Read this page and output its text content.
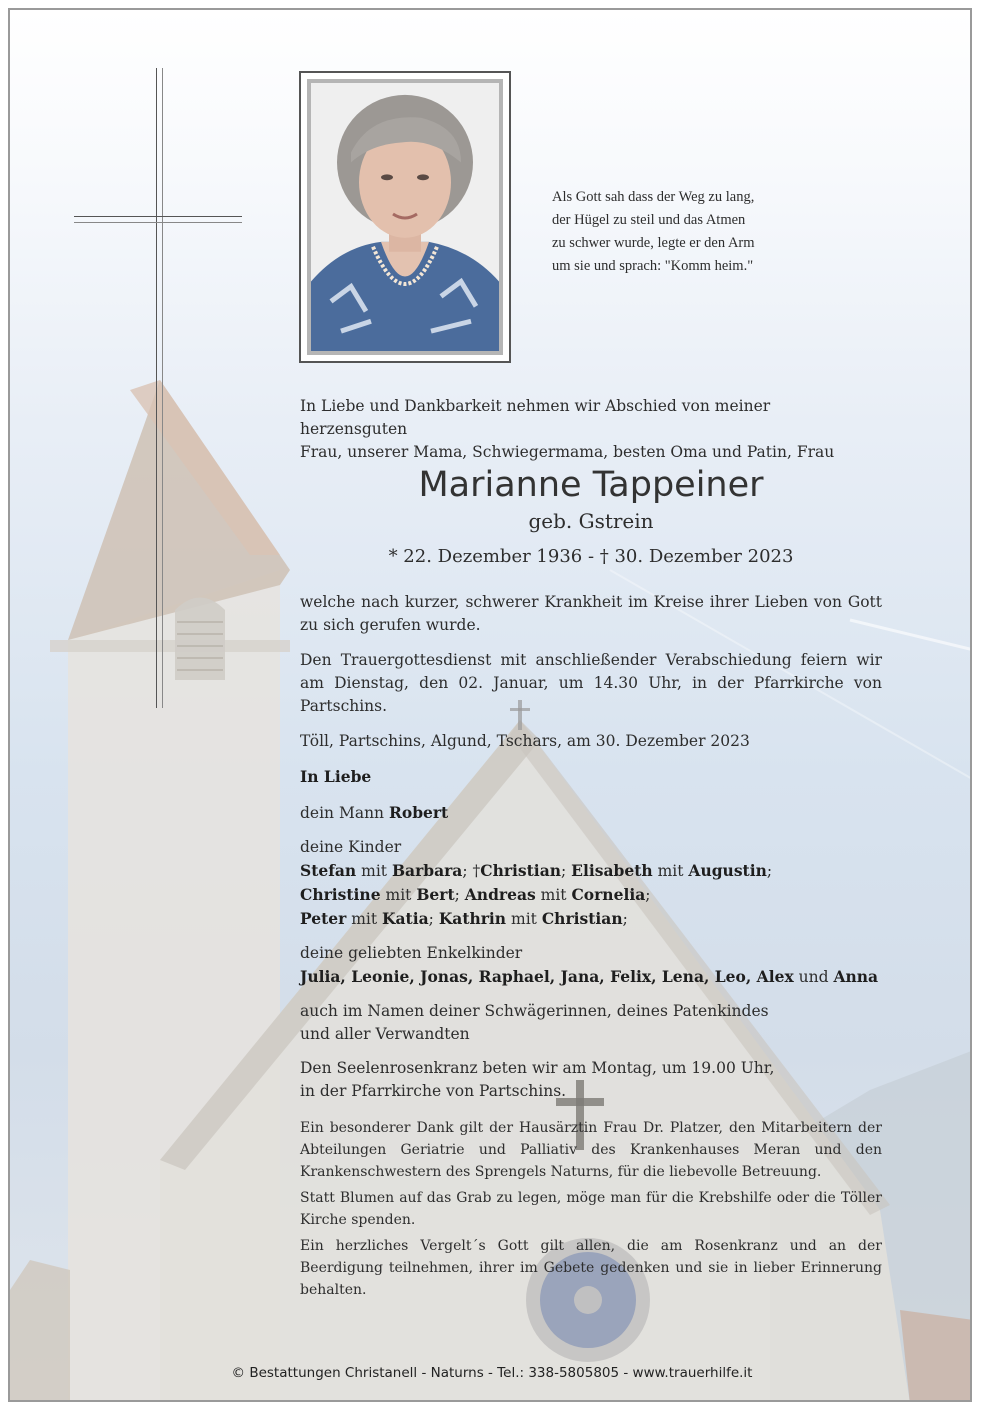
Als Gott sah dass der Weg zu lang,
der Hügel zu steil und das Atmen
zu schwer wurde, legte er den Arm
um sie und sprach: "Komm heim."

In Liebe und Dankbarkeit nehmen wir Abschied von meiner herzensguten

Frau, unserer Mama, Schwiegermama, besten Oma und Patin, Frau

Marianne Tappeiner
geb. Gstrein
* 22. Dezember 1936 - † 30. Dezember 2023

welche nach kurzer, schwerer Krankheit im Kreise ihrer Lieben von Gott zu sich gerufen wurde.

Den Trauergottesdienst mit anschließender Verabschiedung feiern wir am Dienstag, den 02. Januar, um 14.30 Uhr, in der Pfarrkirche von Partschins.

Töll, Partschins, Algund, Tschars, am 30. Dezember 2023

In Liebe

dein Mann Robert

deine Kinder

Stefan mit Barbara; †Christian; Elisabeth mit Augustin;

Christine mit Bert; Andreas mit Cornelia;

Peter mit Katia; Kathrin mit Christian;

deine geliebten Enkelkinder

Julia, Leonie, Jonas, Raphael, Jana, Felix, Lena, Leo, Alex und Anna

auch im Namen deiner Schwägerinnen, deines Patenkindes

und aller Verwandten

Den Seelenrosenkranz beten wir am Montag, um 19.00 Uhr,

in der Pfarrkirche von Partschins.

Ein besonderer Dank gilt der Hausärztin Frau Dr. Platzer, den Mitarbeitern der Abteilungen Geriatrie und Palliativ des Krankenhauses Meran und den Krankenschwestern des Sprengels Naturns, für die liebevolle Betreuung.

Statt Blumen auf das Grab zu legen, möge man für die Krebshilfe oder die Töller Kirche spenden.

Ein herzliches Vergelt´s Gott gilt allen, die am Rosenkranz und an der Beerdigung teilnehmen, ihrer im Gebete gedenken und sie in lieber Erinnerung behalten.

© Bestattungen Christanell - Naturns - Tel.: 338-5805805 - www.trauerhilfe.it
